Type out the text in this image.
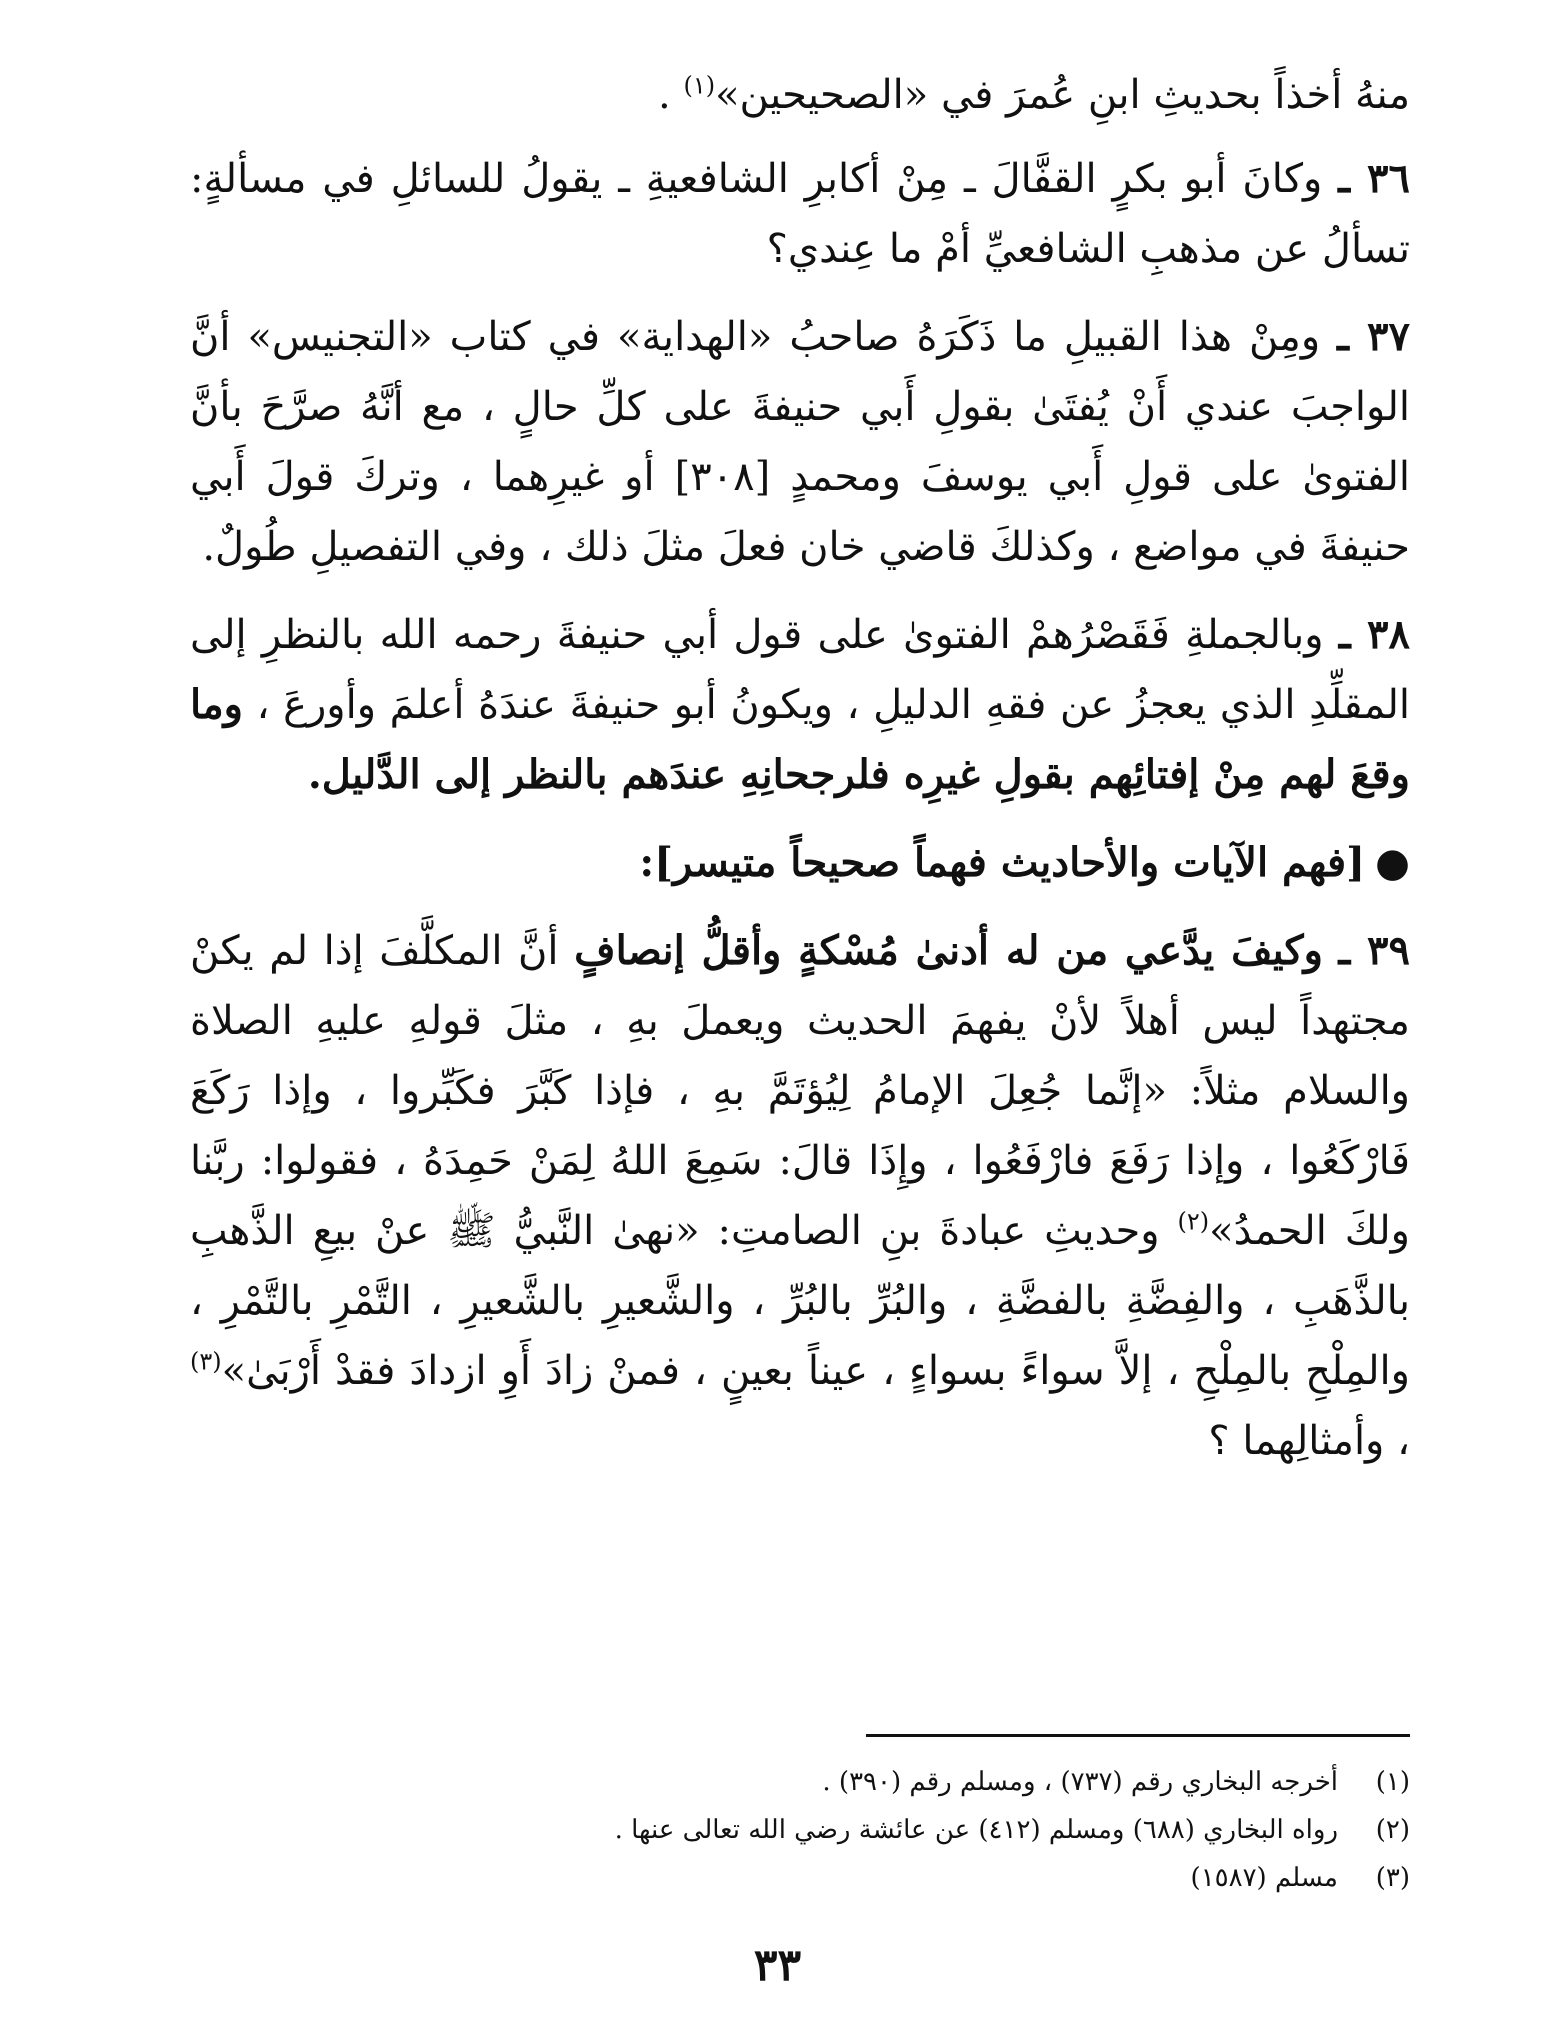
منهُ أخذاً بحديثِ ابنِ عُمرَ في «الصحيحين»$^{(١)}$ .

٣٦ ـ وكانَ أبو بكرٍ القفَّالَ ـ مِنْ أكابرِ الشافعيةِ ـ يقولُ للسائلِ في مسألةٍ: تسألُ عن مذهبِ الشافعيِّ أمْ ما عِندي؟

٣٧ ـ ومِنْ هذا القبيلِ ما ذَكَرَهُ صاحبُ «الهداية» في كتاب «التجنيس» أنَّ الواجبَ عندي أَنْ يُفتَىٰ بقولِ أَبي حنيفةَ على كلِّ حالٍ ، مع أنَّهُ صرَّحَ بأنَّ الفتوىٰ على قولِ أَبي يوسفَ ومحمدٍ [٣٠٨] أو غيرِهما ، وتركَ قولَ أَبي حنيفةَ في مواضع ، وكذلكَ قاضي خان فعلَ مثلَ ذلك ، وفي التفصيلِ طُولٌ.

٣٨ ـ وبالجملةِ فَقَصْرُهمْ الفتوىٰ على قول أبي حنيفةَ رحمه الله بالنظرِ إلى المقلِّدِ الذي يعجزُ عن فقهِ الدليلِ ، ويكونُ أبو حنيفةَ عندَهُ أعلمَ وأورعَ ، وما وقعَ لهم مِنْ إفتائِهم بقولِ غيرِه فلرجحانِهِ عندَهم بالنظر إلى الدَّليل.

●[فهم الآيات والأحاديث فهماً صحيحاً متيسر]:

٣٩ ـ وكيفَ يدَّعي من له أدنىٰ مُسْكةٍ وأقلُّ إنصافٍ أنَّ المكلَّفَ إذا لم يكنْ مجتهداً ليس أهلاً لأنْ يفهمَ الحديث ويعملَ بهِ ، مثلَ قولهِ عليهِ الصلاة والسلام مثلاً: «إنَّما جُعِلَ الإمامُ لِيُؤتَمَّ بهِ ، فإذا كَبَّرَ فكَبِّروا ، وإذا رَكَعَ فَارْكَعُوا ، وإذا رَفَعَ فارْفَعُوا ، وإِذَا قالَ: سَمِعَ اللهُ لِمَنْ حَمِدَهُ ، فقولوا: ربَّنا ولكَ الحمدُ»$^{(٢)}$ وحديثِ عبادةَ بنِ الصامتِ: «نهىٰ النَّبيُّ ﷺ عنْ بيعِ الذَّهبِ بالذَّهَبِ ، والفِضَّةِ بالفضَّةِ ، والبُرِّ بالبُرِّ ، والشَّعيرِ بالشَّعيرِ ، التَّمْرِ بالتَّمْرِ ، والمِلْحِ بالمِلْحِ ، إلاَّ سواءً بسواءٍ ، عيناً بعينٍ ، فمنْ زادَ أَوِ ازدادَ فقدْ أَرْبَىٰ»$^{(٣)}$ ، وأمثالِهما ؟

(١)أخرجه البخاري رقم (٧٣٧) ، ومسلم رقم (٣٩٠) .
(٢)رواه البخاري (٦٨٨) ومسلم (٤١٢) عن عائشة رضي الله تعالى عنها .
(٣)مسلم (١٥٨٧)
٣٣
